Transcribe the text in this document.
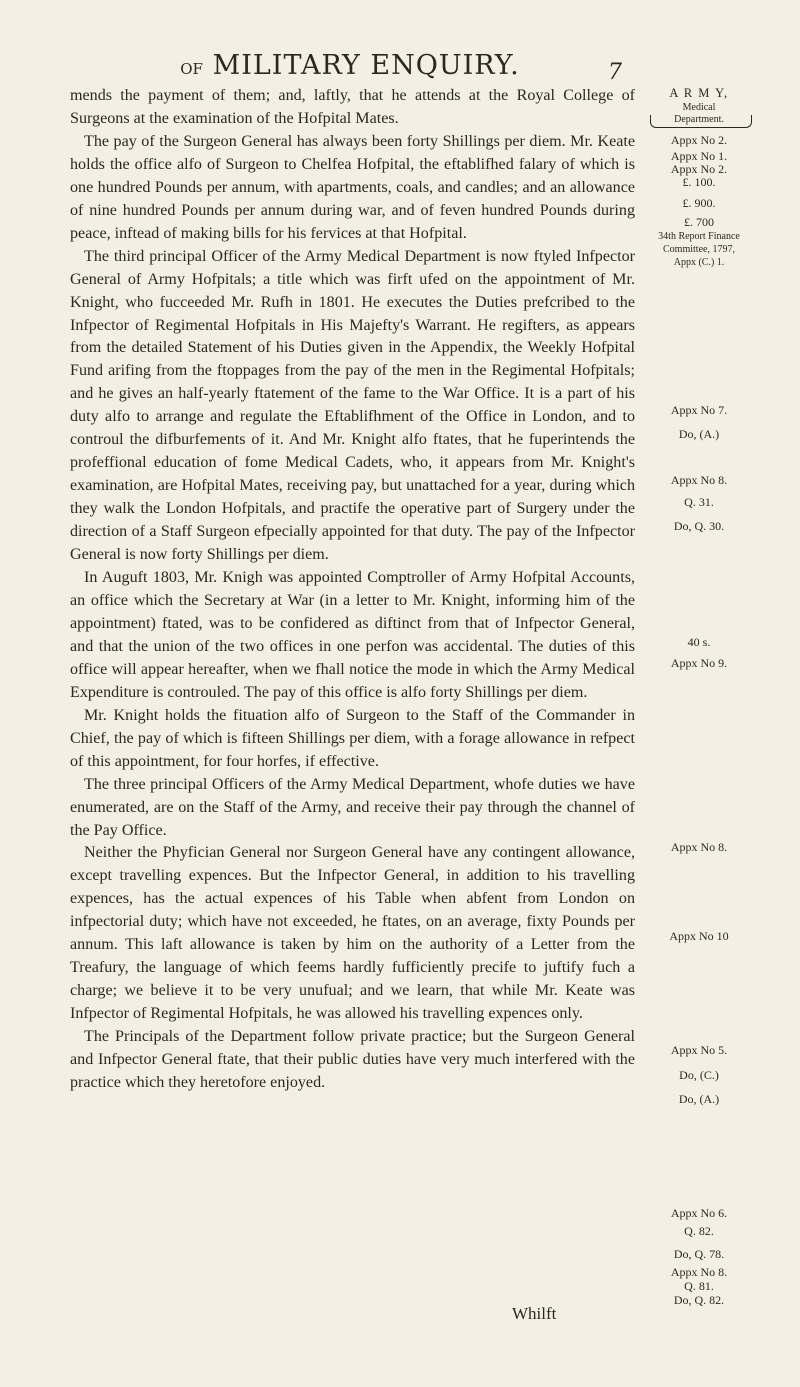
OF MILITARY ENQUIRY.	7

mends the payment of them; and, laftly, that he attends at the Royal College of Surgeons at the examination of the Hofpital Mates.

The pay of the Surgeon General has always been forty Shillings per diem. Mr. Keate holds the office alfo of Surgeon to Chelfea Hofpital, the eftablifhed falary of which is one hundred Pounds per annum, with apartments, coals, and candles; and an allowance of nine hundred Pounds per annum during war, and of feven hundred Pounds during peace, inftead of making bills for his fervices at that Hofpital.

The third principal Officer of the Army Medical Department is now ftyled Infpector General of Army Hofpitals; a title which was firft ufed on the appointment of Mr. Knight, who fucceeded Mr. Rufh in 1801. He executes the Duties prefcribed to the Infpector of Regimental Hofpitals in His Majefty's Warrant. He regifters, as appears from the detailed Statement of his Duties given in the Appendix, the Weekly Hofpital Fund arifing from the ftoppages from the pay of the men in the Regimental Hofpitals; and he gives an half-yearly ftatement of the fame to the War Office. It is a part of his duty alfo to arrange and regulate the Eftablifhment of the Office in London, and to controul the difburfements of it. And Mr. Knight alfo ftates, that he fuperintends the profeffional education of fome Medical Cadets, who, it appears from Mr. Knight's examination, are Hofpital Mates, receiving pay, but unattached for a year, during which they walk the London Hofpitals, and practife the operative part of Surgery under the direction of a Staff Surgeon efpecially appointed for that duty. The pay of the Infpector General is now forty Shillings per diem.

In Auguft 1803, Mr. Knigh was appointed Comptroller of Army Hofpital Accounts, an office which the Secretary at War (in a letter to Mr. Knight, informing him of the appointment) ftated, was to be confidered as diftinct from that of Infpector General, and that the union of the two offices in one perfon was accidental. The duties of this office will appear hereafter, when we fhall notice the mode in which the Army Medical Expenditure is controuled. The pay of this office is alfo forty Shillings per diem.

Mr. Knight holds the fituation alfo of Surgeon to the Staff of the Commander in Chief, the pay of which is fifteen Shillings per diem, with a forage allowance in refpect of this appointment, for four horfes, if effective.

The three principal Officers of the Army Medical Department, whofe duties we have enumerated, are on the Staff of the Army, and receive their pay through the channel of the Pay Office.

Neither the Phyfician General nor Surgeon General have any contingent allowance, except travelling expences. But the Infpector General, in addition to his travelling expences, has the actual expences of his Table when abfent from London on infpectorial duty; which have not exceeded, he ftates, on an average, fixty Pounds per annum. This laft allowance is taken by him on the authority of a Letter from the Treafury, the language of which feems hardly fufficiently precife to juftify fuch a charge; we believe it to be very unufual; and we learn, that while Mr. Keate was Infpector of Regimental Hofpitals, he was allowed his travelling expences only.

The Principals of the Department follow private practice; but the Surgeon General and Infpector General ftate, that their public duties have very much interfered with the practice which they heretofore enjoyed.

Whilft
A R M Y,
Medical
Department.
Appx No 2.
Appx No 1.
Appx No 2.
£. 100.
£. 900.
£. 700
34th Report Finance
Committee, 1797,
Appx (C.) 1.
Appx No 7.
Do, (A.)
Appx No 8.
Q. 31.
Do, Q. 30.
40 s.
Appx No 9.
Appx No 8.
Appx No 10
Appx No 5.
Do, (C.)
Do, (A.)
Appx No 6.
Q. 82.
Do, Q. 78.
Appx No 8.
Q. 81.
Do, Q. 82.
